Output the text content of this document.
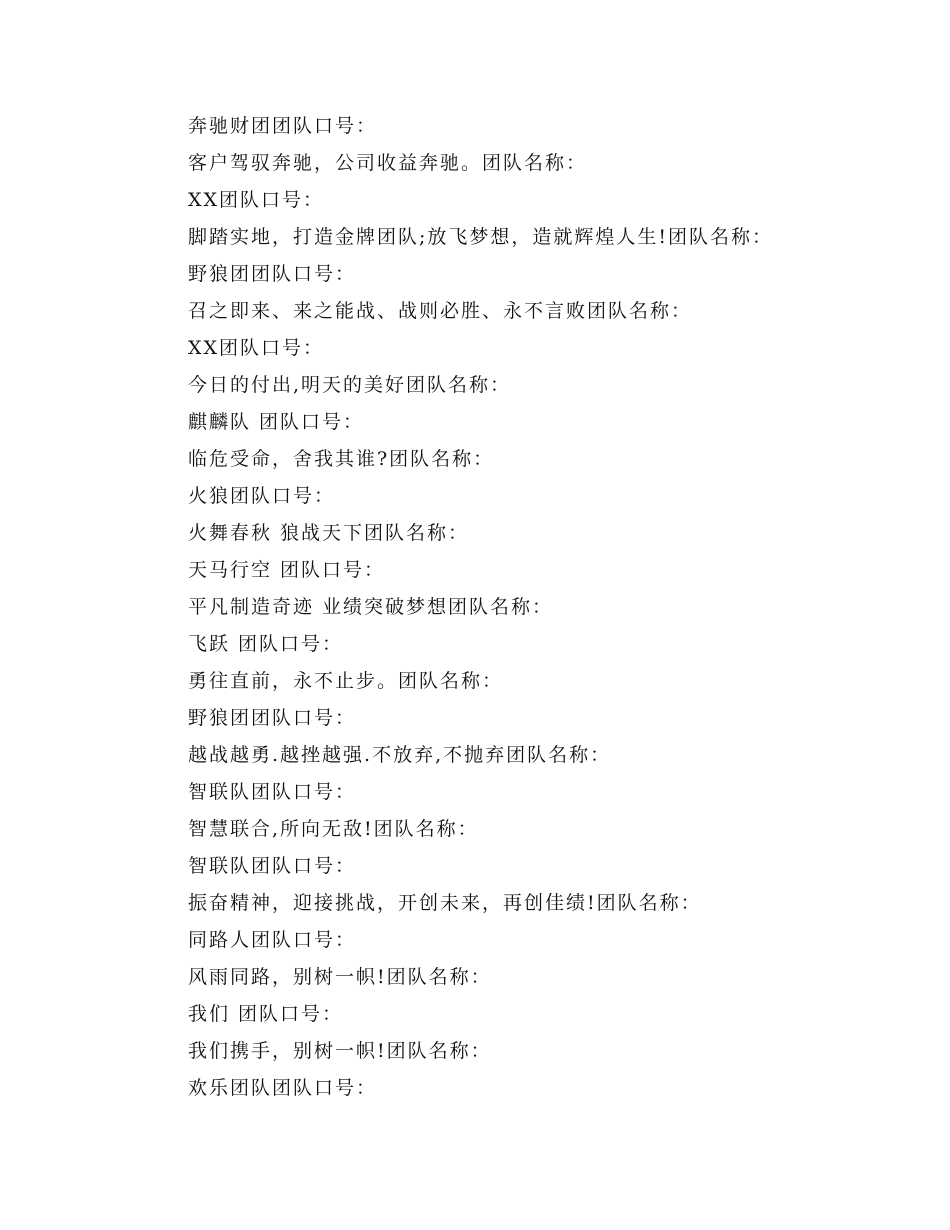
奔驰财团团队口号：
客户驾驭奔驰，公司收益奔驰。团队名称：
XX团队口号：
脚踏实地，打造金牌团队;放飞梦想，造就辉煌人生!团队名称：
野狼团团队口号：
召之即来、来之能战、战则必胜、永不言败团队名称：
XX团队口号：
今日的付出,明天的美好团队名称：
麒麟队 团队口号：
临危受命，舍我其谁?团队名称：
火狼团队口号：
火舞春秋 狼战天下团队名称：
天马行空 团队口号：
平凡制造奇迹 业绩突破梦想团队名称：
飞跃 团队口号：
勇往直前，永不止步。团队名称：
野狼团团队口号：
越战越勇.越挫越强.不放弃,不抛弃团队名称：
智联队团队口号：
智慧联合,所向无敌!团队名称：
智联队团队口号：
振奋精神，迎接挑战，开创未来，再创佳绩!团队名称：
同路人团队口号：
风雨同路，别树一帜!团队名称：
我们 团队口号：
我们携手，别树一帜!团队名称：
欢乐团队团队口号：
